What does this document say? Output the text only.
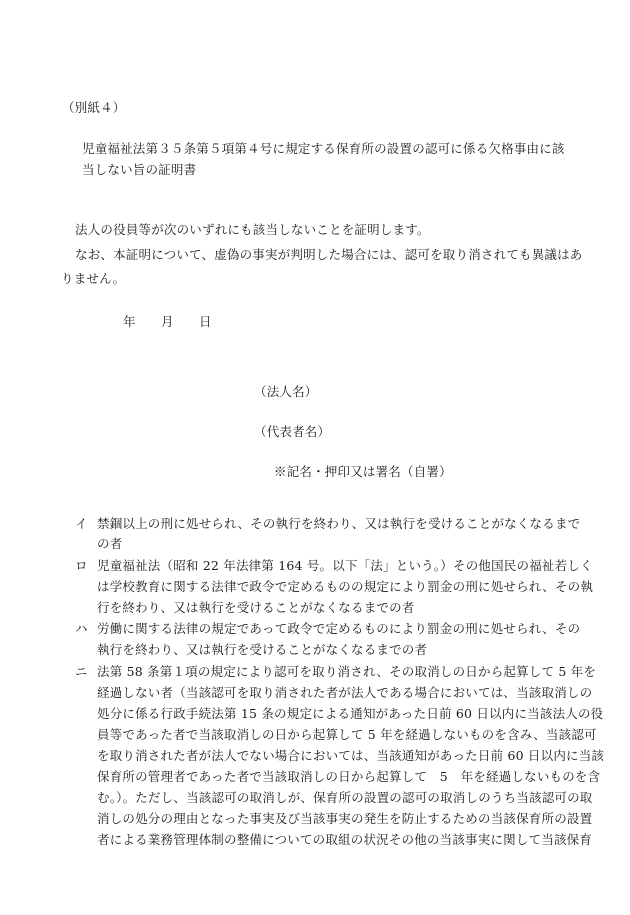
（別紙４）
児童福祉法第３５条第５項第４号に規定する保育所の設置の認可に係る欠格事由に該
当しない旨の証明書
法人の役員等が次のいずれにも該当しないことを証明します。
なお、本証明について、虚偽の事実が判明した場合には、認可を取り消されても異議はあ
りません。
年 月 日
（法人名）
（代表者名）
※記名・押印又は署名（自署）
イ 禁錮以上の刑に処せられ、その執行を終わり、又は執行を受けることがなくなるまで
の者
ロ 児童福祉法（昭和 22 年法律第 164 号。以下「法」という。）その他国民の福祉若しく
は学校教育に関する法律で政令で定めるものの規定により罰金の刑に処せられ、その執
行を終わり、又は執行を受けることがなくなるまでの者
ハ 労働に関する法律の規定であって政令で定めるものにより罰金の刑に処せられ、その
執行を終わり、又は執行を受けることがなくなるまでの者
ニ 法第 58 条第１項の規定により認可を取り消され、その取消しの日から起算して 5 年を
経過しない者（当該認可を取り消された者が法人である場合においては、当該取消しの
処分に係る行政手続法第 15 条の規定による通知があった日前 60 日以内に当該法人の役
員等であった者で当該取消しの日から起算して 5 年を経過しないものを含み、当該認可
を取り消された者が法人でない場合においては、当該通知があった日前 60 日以内に当該
保育所の管理者であった者で当該取消しの日から起算して　5　年を経過しないものを含
む。）。ただし、当該認可の取消しが、保育所の設置の認可の取消しのうち当該認可の取
消しの処分の理由となった事実及び当該事実の発生を防止するための当該保育所の設置
者による業務管理体制の整備についての取組の状況その他の当該事実に関して当該保育
